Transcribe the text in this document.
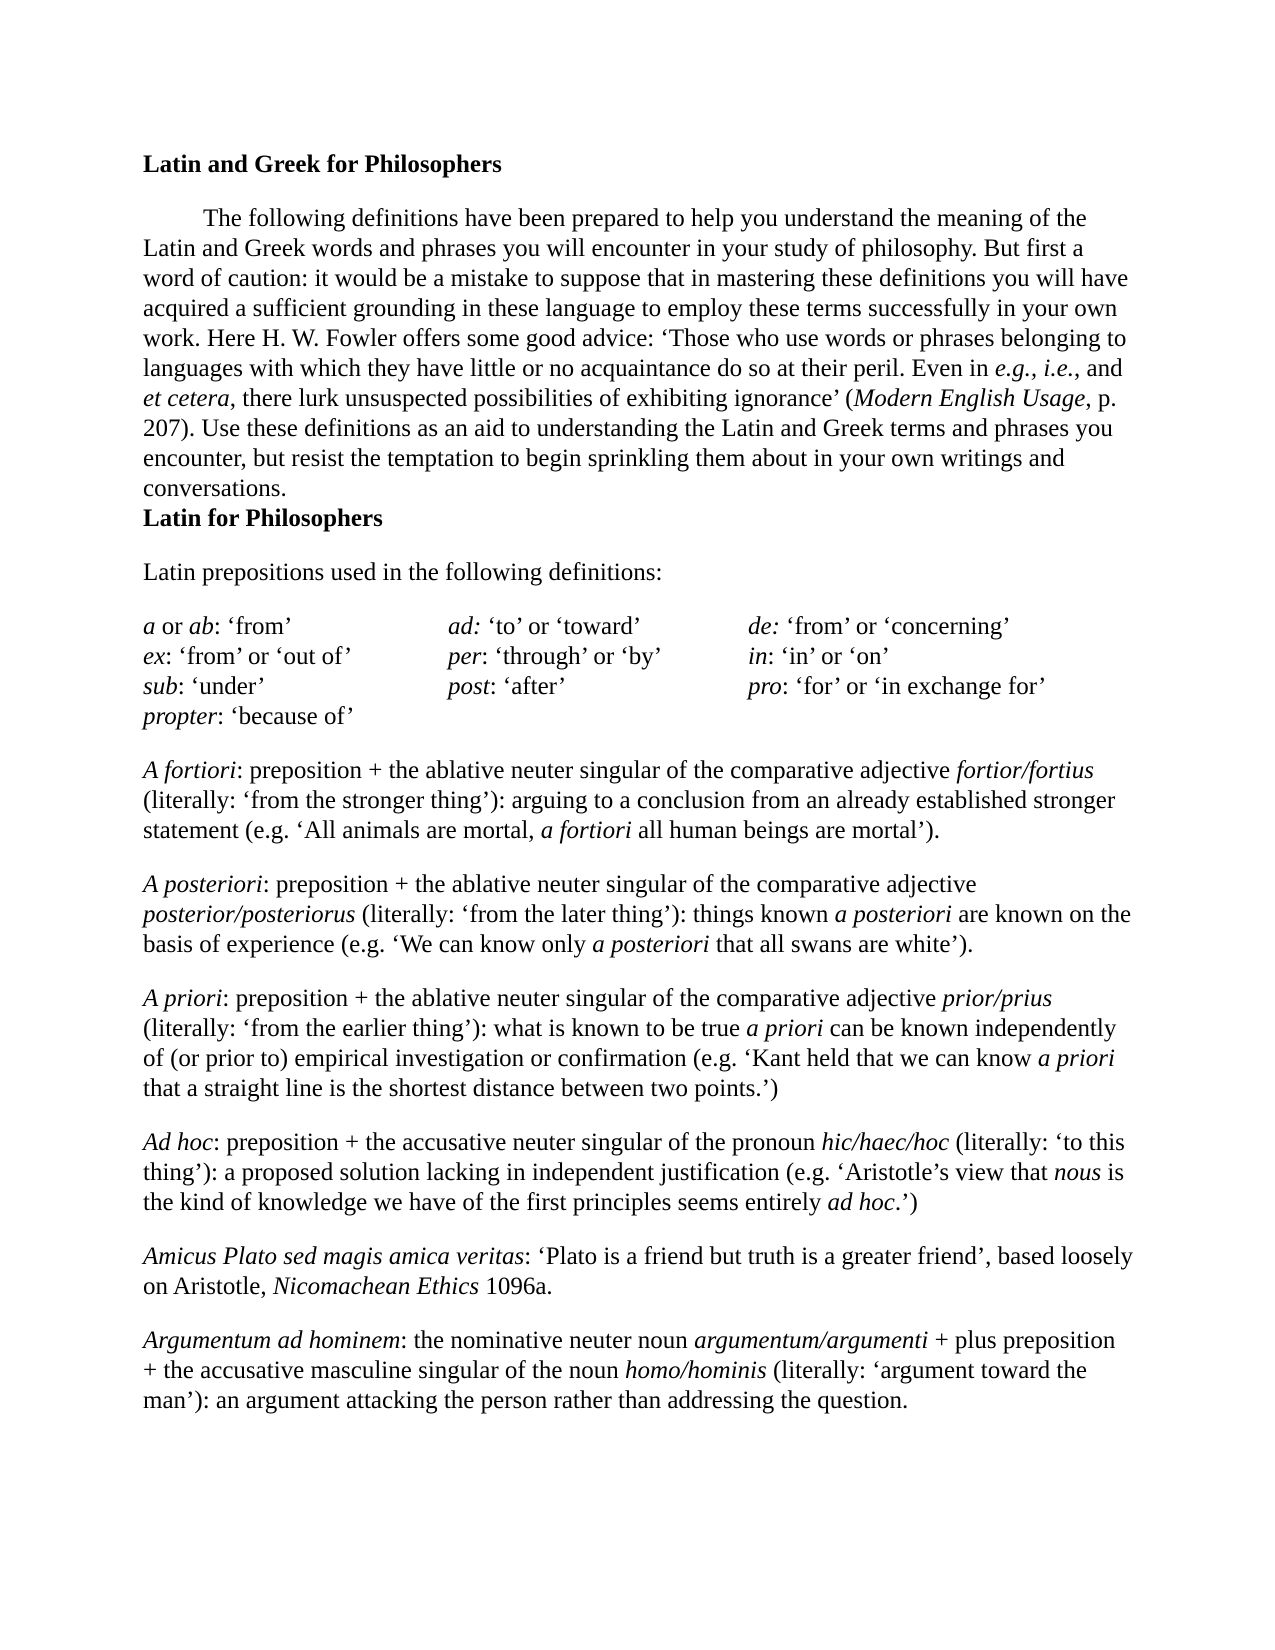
Latin and Greek for Philosophers

The following definitions have been prepared to help you understand the meaning of the Latin and Greek words and phrases you will encounter in your study of philosophy. But first a word of caution: it would be a mistake to suppose that in mastering these definitions you will have acquired a sufficient grounding in these language to employ these terms successfully in your own work. Here H. W. Fowler offers some good advice: ‘Those who use words or phrases belonging to languages with which they have little or no acquaintance do so at their peril. Even in e.g., i.e., and et cetera, there lurk unsuspected possibilities of exhibiting ignorance’ (Modern English Usage, p. 207). Use these definitions as an aid to understanding the Latin and Greek terms and phrases you encounter, but resist the temptation to begin sprinkling them about in your own writings and conversations.

Latin for Philosophers

Latin prepositions used in the following definitions:

a or ab: ‘from’	ad: ‘to’ or ‘toward’	de: ‘from’ or ‘concerning’
ex: ‘from’ or ‘out of’	per: ‘through’ or ‘by’	in: ‘in’ or ‘on’
sub: ‘under’	post: ‘after’	pro: ‘for’ or ‘in exchange for’
propter: ‘because of’

A fortiori: preposition + the ablative neuter singular of the comparative adjective fortior/fortius (literally: ‘from the stronger thing’): arguing to a conclusion from an already established stronger statement (e.g. ‘All animals are mortal, a fortiori all human beings are mortal’).

A posteriori: preposition + the ablative neuter singular of the comparative adjective posterior/posteriorus (literally: ‘from the later thing’): things known a posteriori are known on the basis of experience (e.g. ‘We can know only a posteriori that all swans are white’).

A priori: preposition + the ablative neuter singular of the comparative adjective prior/prius (literally: ‘from the earlier thing’): what is known to be true a priori can be known independently of (or prior to) empirical investigation or confirmation (e.g. ‘Kant held that we can know a priori that a straight line is the shortest distance between two points.’)

Ad hoc: preposition + the accusative neuter singular of the pronoun hic/haec/hoc (literally: ‘to this thing’): a proposed solution lacking in independent justification (e.g. ‘Aristotle’s view that nous is the kind of knowledge we have of the first principles seems entirely ad hoc.’)

Amicus Plato sed magis amica veritas: ‘Plato is a friend but truth is a greater friend’, based loosely on Aristotle, Nicomachean Ethics 1096a.

Argumentum ad hominem: the nominative neuter noun argumentum/argumenti + plus preposition + the accusative masculine singular of the noun homo/hominis (literally: ‘argument toward the man’): an argument attacking the person rather than addressing the question.
